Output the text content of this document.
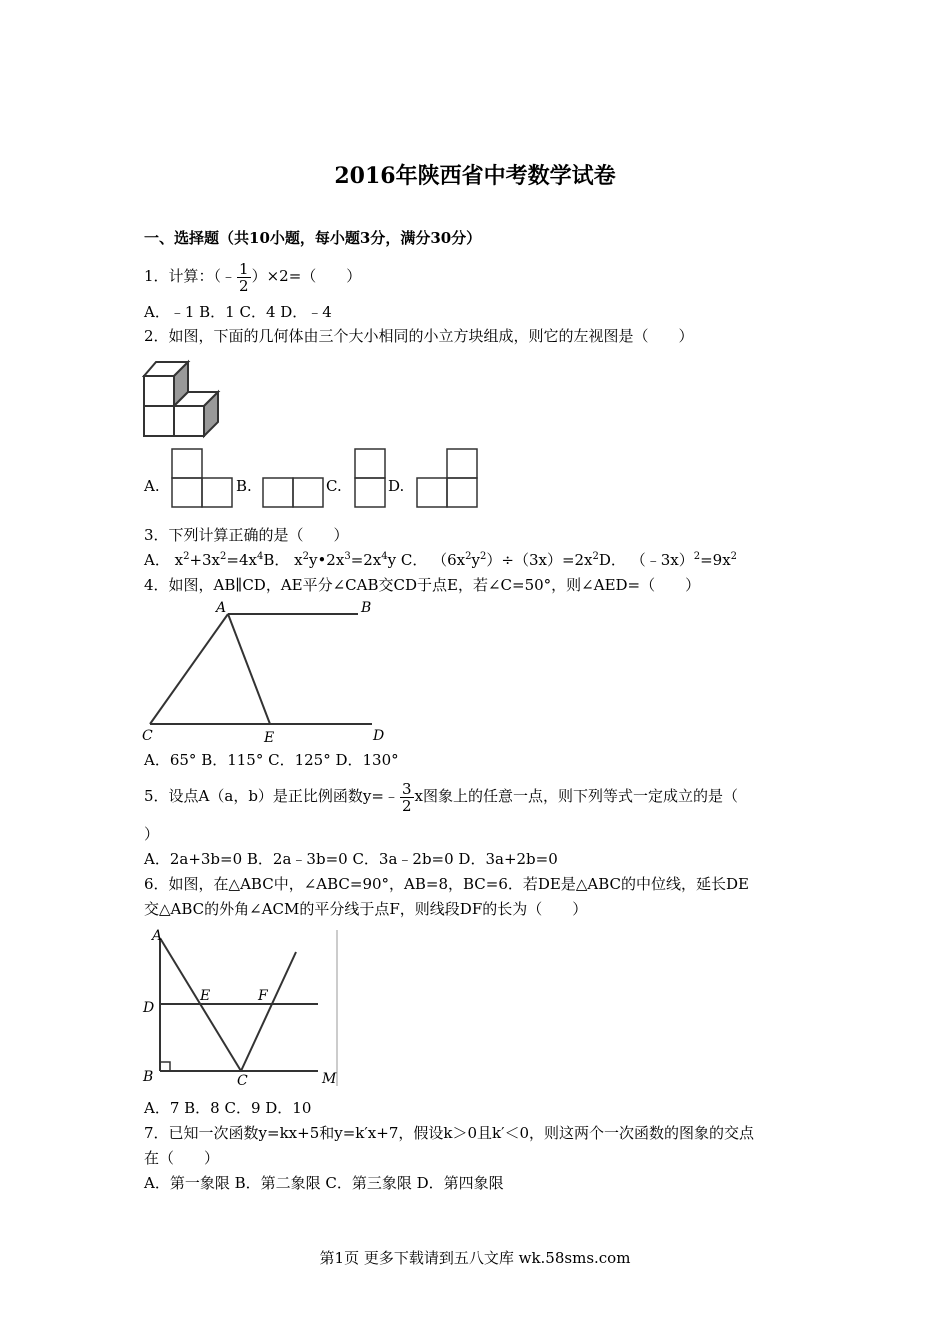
2016年陕西省中考数学试卷
一、选择题（共10小题，每小题3分，满分30分）
1．计算：（﹣ $\frac{1}{2} )\times 2=$（　　）
A．﹣1 B．1 C．4 D．﹣4
2．如图，下面的几何体由三个大小相同的小立方块组成，则它的左视图是（　　）
A.	B.	C.	D.
3．下列计算正确的是（　　）
A． $x^2+3x^2=4x^4B$． $x^2y•2x^3=2x^4y$ C． $(6x^2y^2)\div(3x)=2x^2D$． $(﹣3x)^2=9x^2$
4．如图，AB∥CD，AE平分∠CAB交CD于点E，若∠C=50°，则∠AED=（　　）
A	B
C	E	D
A．65° B．115° C．125° D．130°
5．设点A（a，b）是正比例函数y=﹣ $\frac{3}{2}$ x图象上的任意一点，则下列等式一定成立的是（
）
A．2a+3b=0 B．2a﹣3b=0 C．3a﹣2b=0 D．3a+2b=0
6．如图，在△ABC中，∠ABC=90°，AB=8，BC=6．若DE是△ABC的中位线，延长DE
交△ABC的外角∠ACM的平分线于点F，则线段DF的长为（　　）
A
D
E	F
B	C	M
A．7 B．8 C．9 D．10
7．已知一次函数y=kx+5和y=k′x+7，假设k＞0且k′＜0，则这两个一次函数的图象的交点
在（　　）
A．第一象限 B．第二象限 C．第三象限 D．第四象限
第1页 更多下载请到五八文库 wk.58sms.com
